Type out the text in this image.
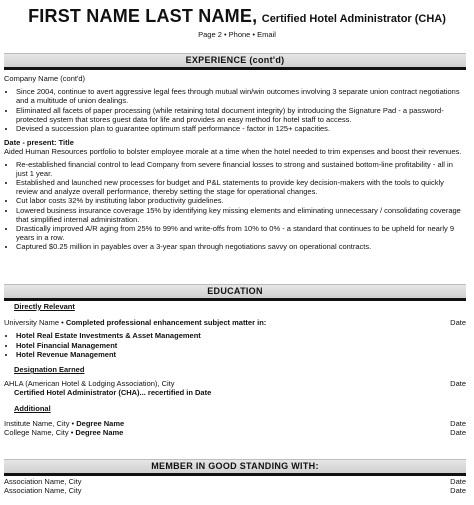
FIRST NAME LAST NAME, Certified Hotel Administrator (CHA)
Page 2 • Phone • Email
EXPERIENCE (cont'd)
Company Name (cont'd)
• Since 2004, continue to avert aggressive legal fees through mutual win/win outcomes involving 3 separate union contract negotiations and a multitude of union dealings.
• Eliminated all facets of paper processing (while retaining total document integrity) by introducing the Signature Pad - a password-protected system that stores guest data for life and provides an easy method for hotel staff to access.
• Devised a succession plan to guarantee optimum staff performance - factor in 125+ capacities.
Date - present: Title
Aided Human Resources portfolio to bolster employee morale at a time when the hotel needed to trim expenses and boost their revenues.
• Re-established financial control to lead Company from severe financial losses to strong and sustained bottom-line profitability - all in just 1 year.
• Established and launched new processes for budget and P&L statements to provide key decision-makers with the tools to quickly review and analyze overall performance, thereby setting the stage for operational changes.
• Cut labor costs 32% by instituting labor productivity guidelines.
• Lowered business insurance coverage 15% by identifying key missing elements and eliminating unnecessary / consolidating coverage that simplified internal administration.
• Drastically improved A/R aging from 25% to 99% and write-offs from 10% to 0% - a standard that continues to be upheld for nearly 9 years in a row.
• Captured $0.25 million in payables over a 3-year span through negotiations savvy on operational contracts.
EDUCATION
Directly Relevant
University Name • Completed professional enhancement subject matter in:	Date
• Hotel Real Estate Investments & Asset Management
• Hotel Financial Management
• Hotel Revenue Management
Designation Earned
AHLA (American Hotel & Lodging Association), City	Date
Certified Hotel Administrator (CHA)... recertified in Date
Additional
Institute Name, City • Degree Name	Date
College Name, City • Degree Name	Date
MEMBER IN GOOD STANDING WITH:
Association Name, City	Date
Association Name, City	Date
